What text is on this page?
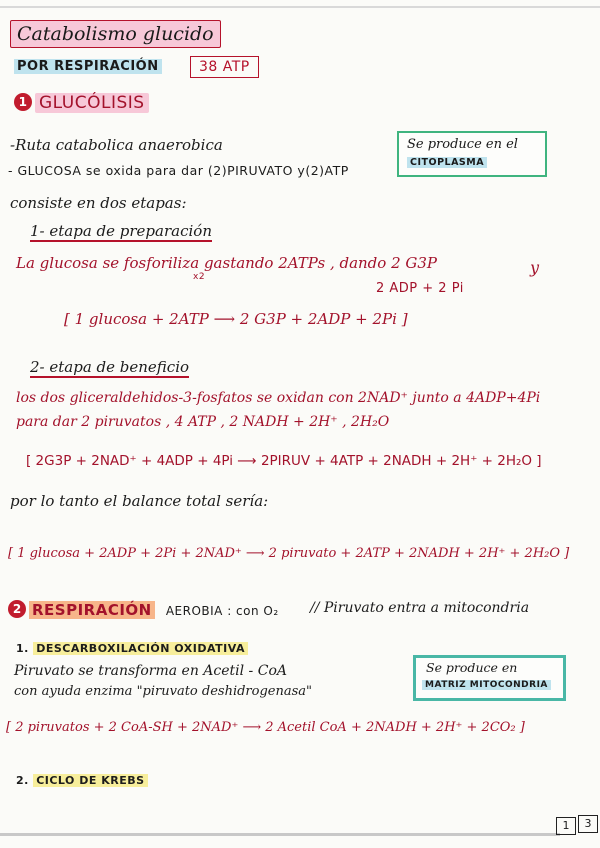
Catabolismo glucido
POR RESPIRACIÓN	38 ATP
1 GLUCÓLISIS
-Ruta catabolica anaerobica
- GLUCOSA se oxida para dar (2)PIRUVATO y(2)ATP
Se produce en el
CITOPLASMA
consiste en dos etapas:
1- etapa de preparación
La glucosa se fosforiliza gastando 2ATPs , dando 2 G3P
x2	y
2 ADP + 2 Pi
[ 1 glucosa + 2ATP ⟶ 2 G3P + 2ADP + 2Pi ]
2- etapa de beneficio
los dos gliceraldehidos-3-fosfatos se oxidan con 2NAD⁺ junto a 4ADP+4Pi
para dar 2 piruvatos , 4 ATP , 2 NADH + 2H⁺ , 2H₂O
[ 2G3P + 2NAD⁺ + 4ADP + 4Pi ⟶ 2PIRUV + 4ATP + 2NADH + 2H⁺ + 2H₂O ]
por lo tanto el balance total sería:
[ 1 glucosa + 2ADP + 2Pi + 2NAD⁺ ⟶ 2 piruvato + 2ATP + 2NADH + 2H⁺ + 2H₂O ]
2 RESPIRACIÓN AEROBIA : con O₂ // Piruvato entra a mitocondria
1. DESCARBOXILACIÓN OXIDATIVA
Piruvato se transforma en Acetil - CoA
con ayuda enzima "piruvato deshidrogenasa"
Se produce en
MATRIZ MITOCONDRIA
[ 2 piruvatos + 2 CoA-SH + 2NAD⁺ ⟶ 2 Acetil CoA + 2NADH + 2H⁺ + 2CO₂ ]
2. CICLO DE KREBS
1	3
